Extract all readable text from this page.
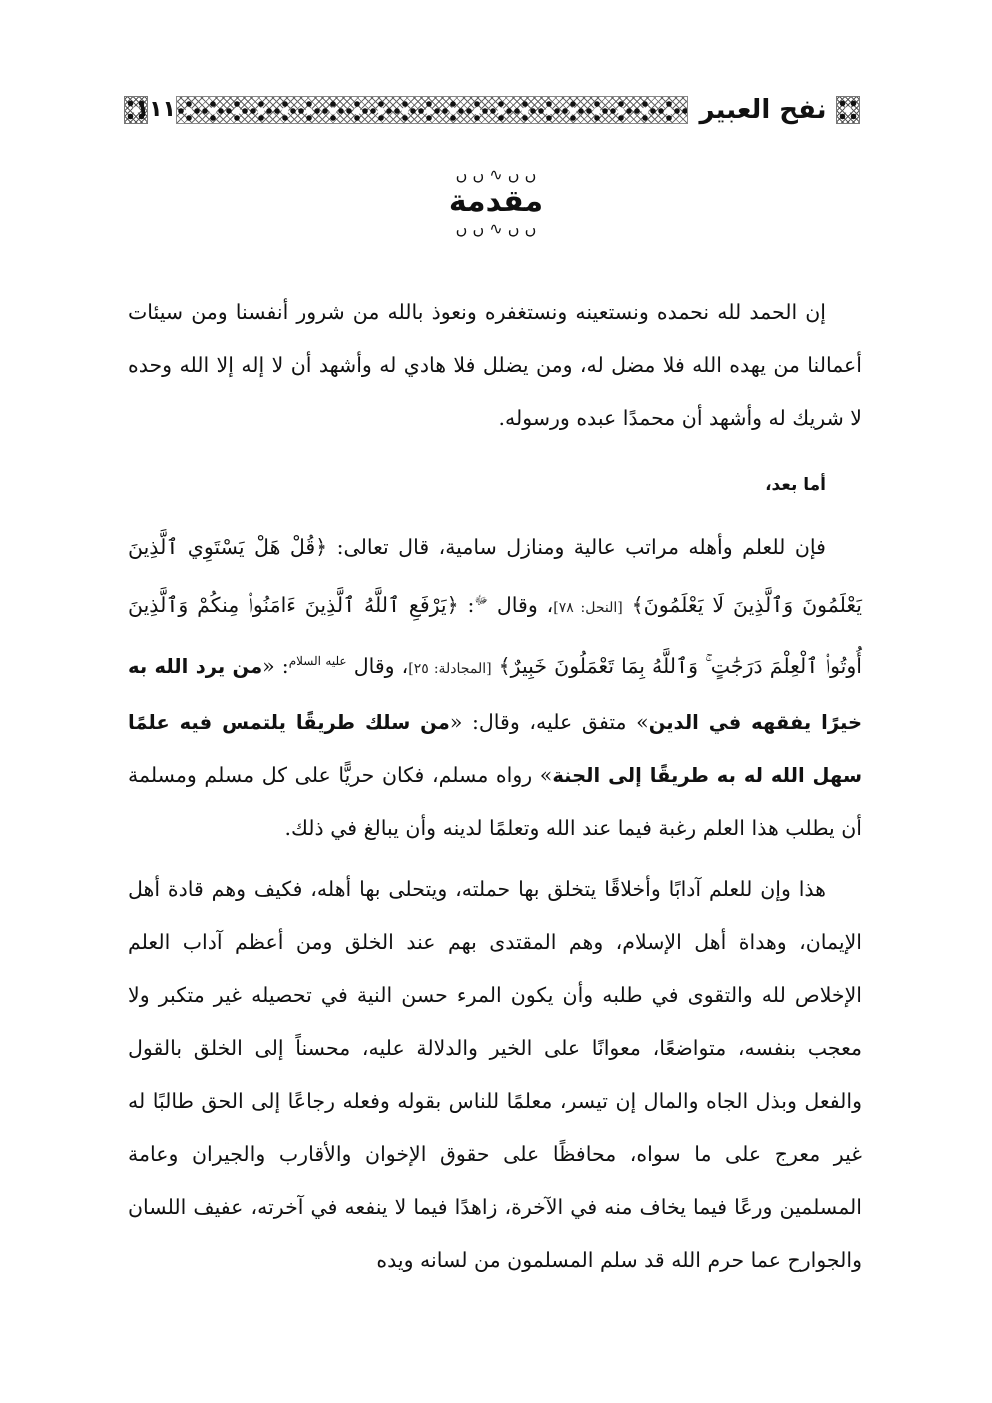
١١١	نفح العبير
ﮞ ﮞ ∿ ﮞ ﮞ
مقدمة
ﮞ ﮞ ∿ ﮞ ﮞ

إن الحمد لله نحمده ونستعينه ونستغفره ونعوذ بالله من شرور أنفسنا ومن سيئات أعمالنا من يهده الله فلا مضل له، ومن يضلل فلا هادي له وأشهد أن لا إله إلا الله وحده لا شريك له وأشهد أن محمدًا عبده ورسوله.

أما بعد،

فإن للعلم وأهله مراتب عالية ومنازل سامية، قال تعالى: ﴿قُلْ هَلْ يَسْتَوِي ٱلَّذِينَ يَعْلَمُونَ وَٱلَّذِينَ لَا يَعْلَمُونَ﴾ [النحل: ٧٨]، وقال $^ﷻ$: ﴿يَرْفَعِ ٱللَّهُ ٱلَّذِينَ ءَامَنُوا۟ مِنكُمْ وَٱلَّذِينَ أُوتُوا۟ ٱلْعِلْمَ دَرَجَٰتٍ ۚ وَٱللَّهُ بِمَا تَعْمَلُونَ خَبِيرٌ﴾ [المجادلة: ٢٥]، وقال $^{عليه السلام}$: «من يرد الله به خيرًا يفقهه في الدين» متفق عليه، وقال: «من سلك طريقًا يلتمس فيه علمًا سهل الله له به طريقًا إلى الجنة» رواه مسلم، فكان حريًّا على كل مسلم ومسلمة أن يطلب هذا العلم رغبة فيما عند الله وتعلمًا لدينه وأن يبالغ في ذلك.

هذا وإن للعلم آدابًا وأخلاقًا يتخلق بها حملته، ويتحلى بها أهله، فكيف وهم قادة أهل الإيمان، وهداة أهل الإسلام، وهم المقتدى بهم عند الخلق ومن أعظم آداب العلم الإخلاص لله والتقوى في طلبه وأن يكون المرء حسن النية في تحصيله غير متكبر ولا معجب بنفسه، متواضعًا، معوانًا على الخير والدلالة عليه، محسناً إلى الخلق بالقول والفعل وبذل الجاه والمال إن تيسر، معلمًا للناس بقوله وفعله رجاعًا إلى الحق طالبًا له غير معرج على ما سواه، محافظًا على حقوق الإخوان والأقارب والجيران وعامة المسلمين ورعًا فيما يخاف منه في الآخرة، زاهدًا فيما لا ينفعه في آخرته، عفيف اللسان والجوارح عما حرم الله قد سلم المسلمون من لسانه ويده
